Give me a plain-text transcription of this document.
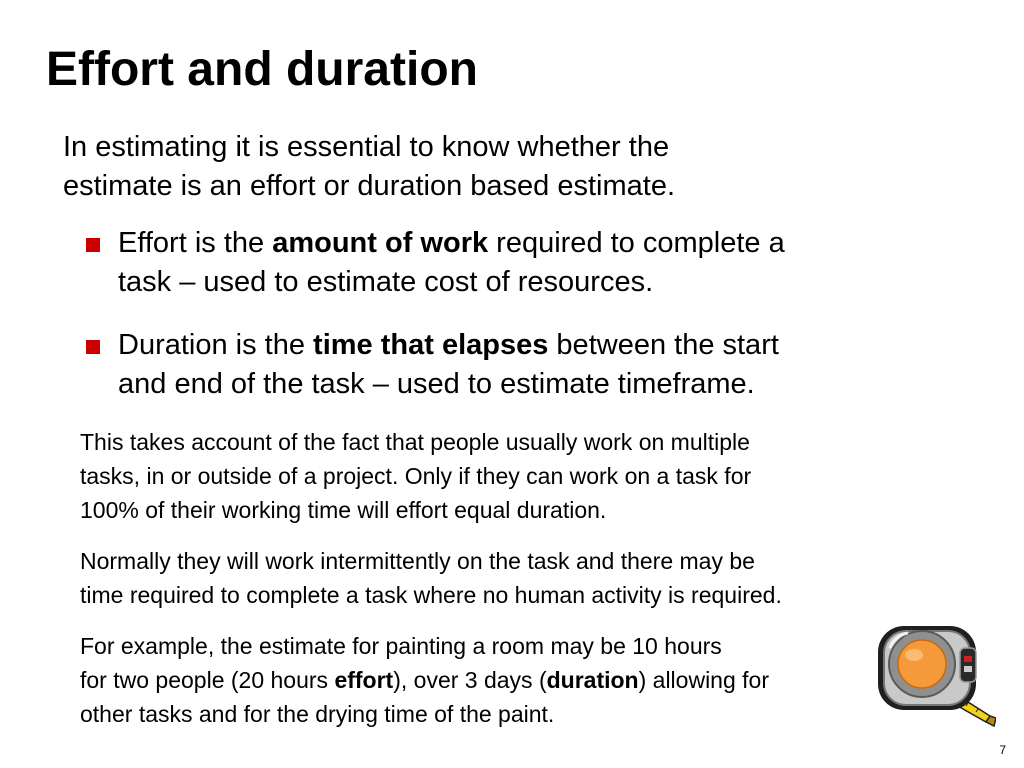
Effort and duration

In estimating it is essential to know whether the
estimate is an effort or duration based estimate.

Effort is the amount of work required to complete a
task – used to estimate cost of resources.
Duration is the time that elapses between the start
and end of the task – used to estimate timeframe.

This takes account of the fact that people usually work on multiple
tasks, in or outside of a project. Only if they can work on a task for
100% of their working time will effort equal duration.

Normally they will work intermittently on the task and there may be
time required to complete a task where no human activity is required.

For example, the estimate for painting a room may be 10 hours
for two people (20 hours effort), over 3 days (duration) allowing for
other tasks and for the drying time of the paint.

7
